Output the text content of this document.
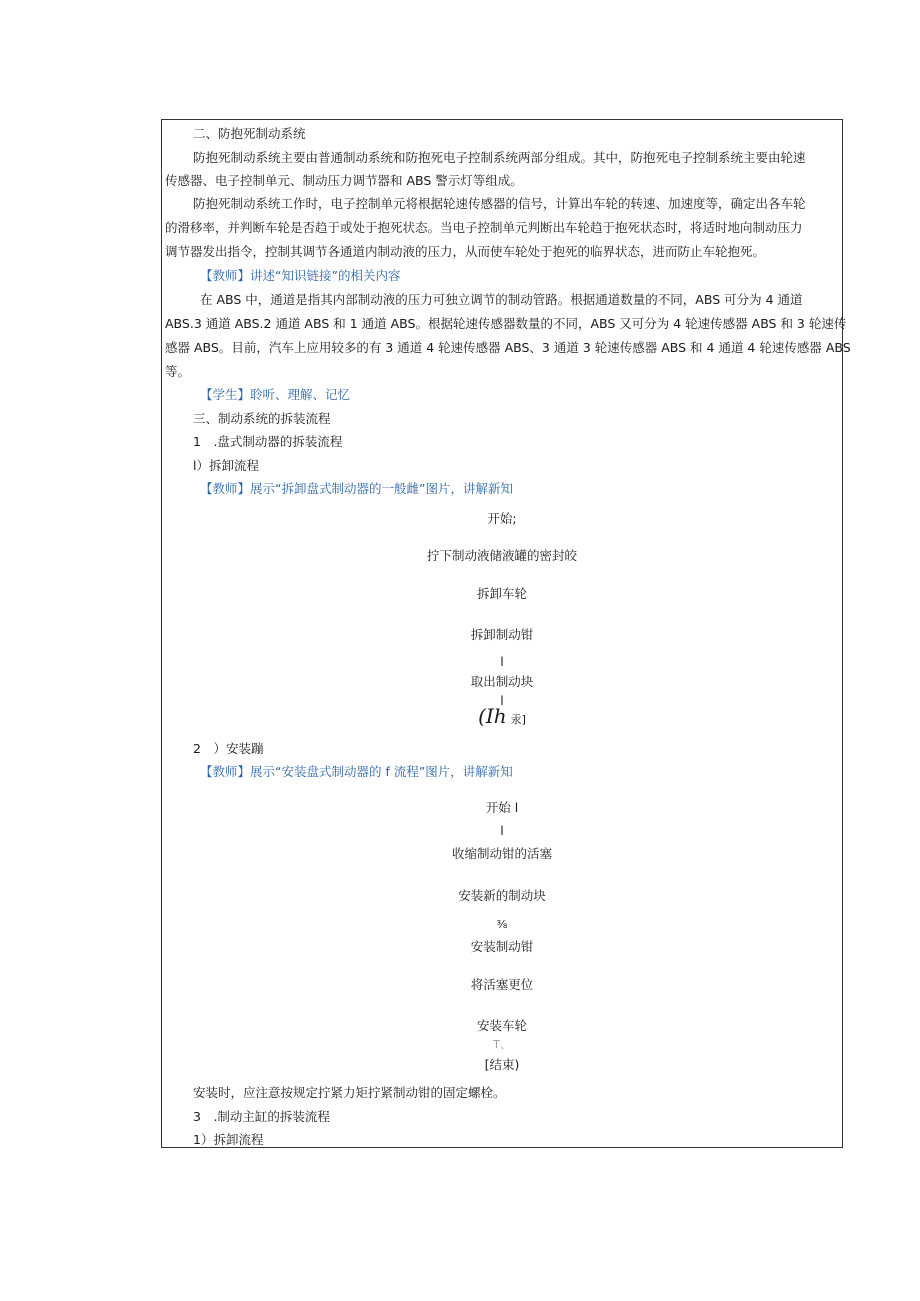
二、防抱死制动系统
防抱死制动系统主要由普通制动系统和防抱死电子控制系统两部分组成。其中，防抱死电子控制系统主要由轮速
传感器、电子控制单元、制动压力调节器和 ABS 警示灯等组成。
防抱死制动系统工作时，电子控制单元将根据轮速传感器的信号，计算出车轮的转速、加速度等，确定出各车轮
的滑移率，并判断车轮是否趋于或处于抱死状态。当电子控制单元判断出车轮趋于抱死状态时，将适时地向制动压力
调节器发出指令，控制其调节各通道内制动液的压力，从而使车轮处于抱死的临界状态，进而防止车轮抱死。
【教师】讲述“知识链接”的相关内容
在 ABS 中，通道是指其内部制动液的压力可独立调节的制动管路。根据通道数量的不同，ABS 可分为 4 通道
ABS.3 通道 ABS.2 通道 ABS 和 1 通道 ABS。根据轮速传感器数量的不同，ABS 又可分为 4 轮速传感器 ABS 和 3 轮速传
感器 ABS。目前，汽车上应用较多的有 3 通道 4 轮速传感器 ABS、3 通道 3 轮速传感器 ABS 和 4 通道 4 轮速传感器 ABS
等。
【学生】聆听、理解、记忆
三、制动系统的拆装流程
1　.盘式制动器的拆装流程
l）拆卸流程
【教师】展示“拆卸盘式制动器的一般雌”图片，讲解新知
开始;
拧下制动液储液罐的密封皎
拆卸车轮
拆卸制动钳
l
取出制动块
l
(Ih 汞]
2　）安装蹦
【教师】展示“安装盘式制动器的 f 流程”图片，讲解新知
开始 l
l
收缩制动钳的活塞
安装新的制动块
⅜
安装制动钳
将活塞更位
安装车轮
T、
[结束)
安装时，应注意按规定拧紧力矩拧紧制动钳的固定螺栓。
3　.制动主缸的拆装流程
1）拆卸流程
